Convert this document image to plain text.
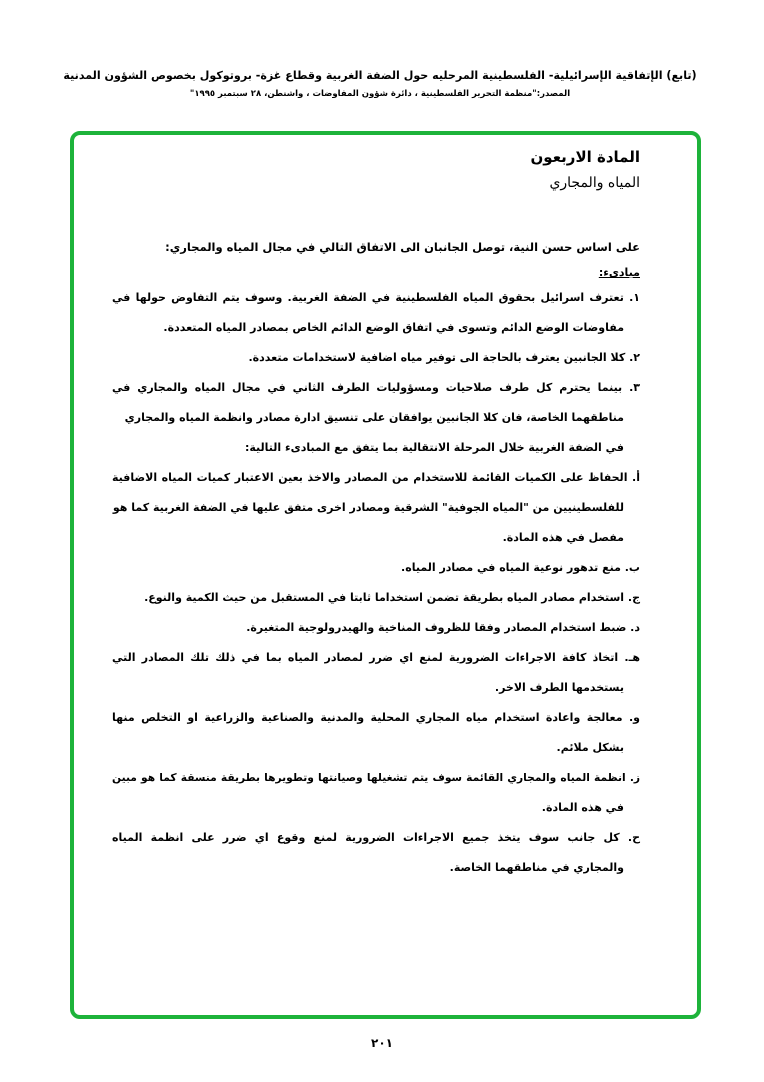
(تابع) الإتفاقية الإسرائيلية- الفلسطينية المرحليه حول الضفة الغربية وقطاع غزة- بروتوكول بخصوص الشؤون المدنية
المصدر:"منظمة التحرير الفلسطينية ، دائرة شؤون المفاوضات ، واشنطن، ٢٨ سبتمبر ١٩٩٥"
المادة الاربعون
المياه والمجاري
على اساس حسن النية، توصل الجانبان الى الاتفاق التالي في مجال المياه والمجاري:
مبادىء:
١. تعترف اسرائيل بحقوق المياه الفلسطينية في الضفة الغربية. وسوف يتم التفاوض حولها في
مفاوضات الوضع الدائم وتسوى في اتفاق الوضع الدائم الخاص بمصادر المياه المتعددة.
٢. كلا الجانبين يعترف بالحاجة الى توفير مياه اضافية لاستخدامات متعددة.
٣. بينما يحترم كل طرف صلاحيات ومسؤوليات الطرف الثاني في مجال المياه والمجاري في
مناطقهما الخاصة، فان كلا الجانبين يوافقان على تنسيق ادارة مصادر وانظمة المياه والمجاري
في الضفة الغربية خلال المرحلة الانتقالية بما يتفق مع المبادىء التالية:
أ. الحفاظ على الكميات القائمة للاستخدام من المصادر والاخذ بعين الاعتبار كميات المياه الاضافية
للفلسطينيين من "المياه الجوفية" الشرقية ومصادر اخرى متفق عليها في الضفة الغربية كما هو
مفصل في هذه المادة.
ب. منع تدهور نوعية المياه في مصادر المياه.
ج. استخدام مصادر المياه بطريقة تضمن استخداما ثابتا في المستقبل من حيث الكمية والنوع.
د. ضبط استخدام المصادر وفقا للظروف المناخية والهيدرولوجية المتغيرة.
هـ. اتخاذ كافة الاجراءات الضرورية لمنع اي ضرر لمصادر المياه بما في ذلك تلك المصادر التي
يستخدمها الطرف الاخر.
و. معالجة واعادة استخدام مياه المجاري المحلية والمدنية والصناعية والزراعية او التخلص منها
بشكل ملائم.
ز. انظمة المياه والمجاري القائمة سوف يتم تشغيلها وصيانتها وتطويرها بطريقة منسقة كما هو مبين
في هذه المادة.
ح. كل جانب سوف يتخذ جميع الاجراءات الضرورية لمنع وقوع اي ضرر على انظمة المياه
والمجاري في مناطقهما الخاصة.
٢٠١
